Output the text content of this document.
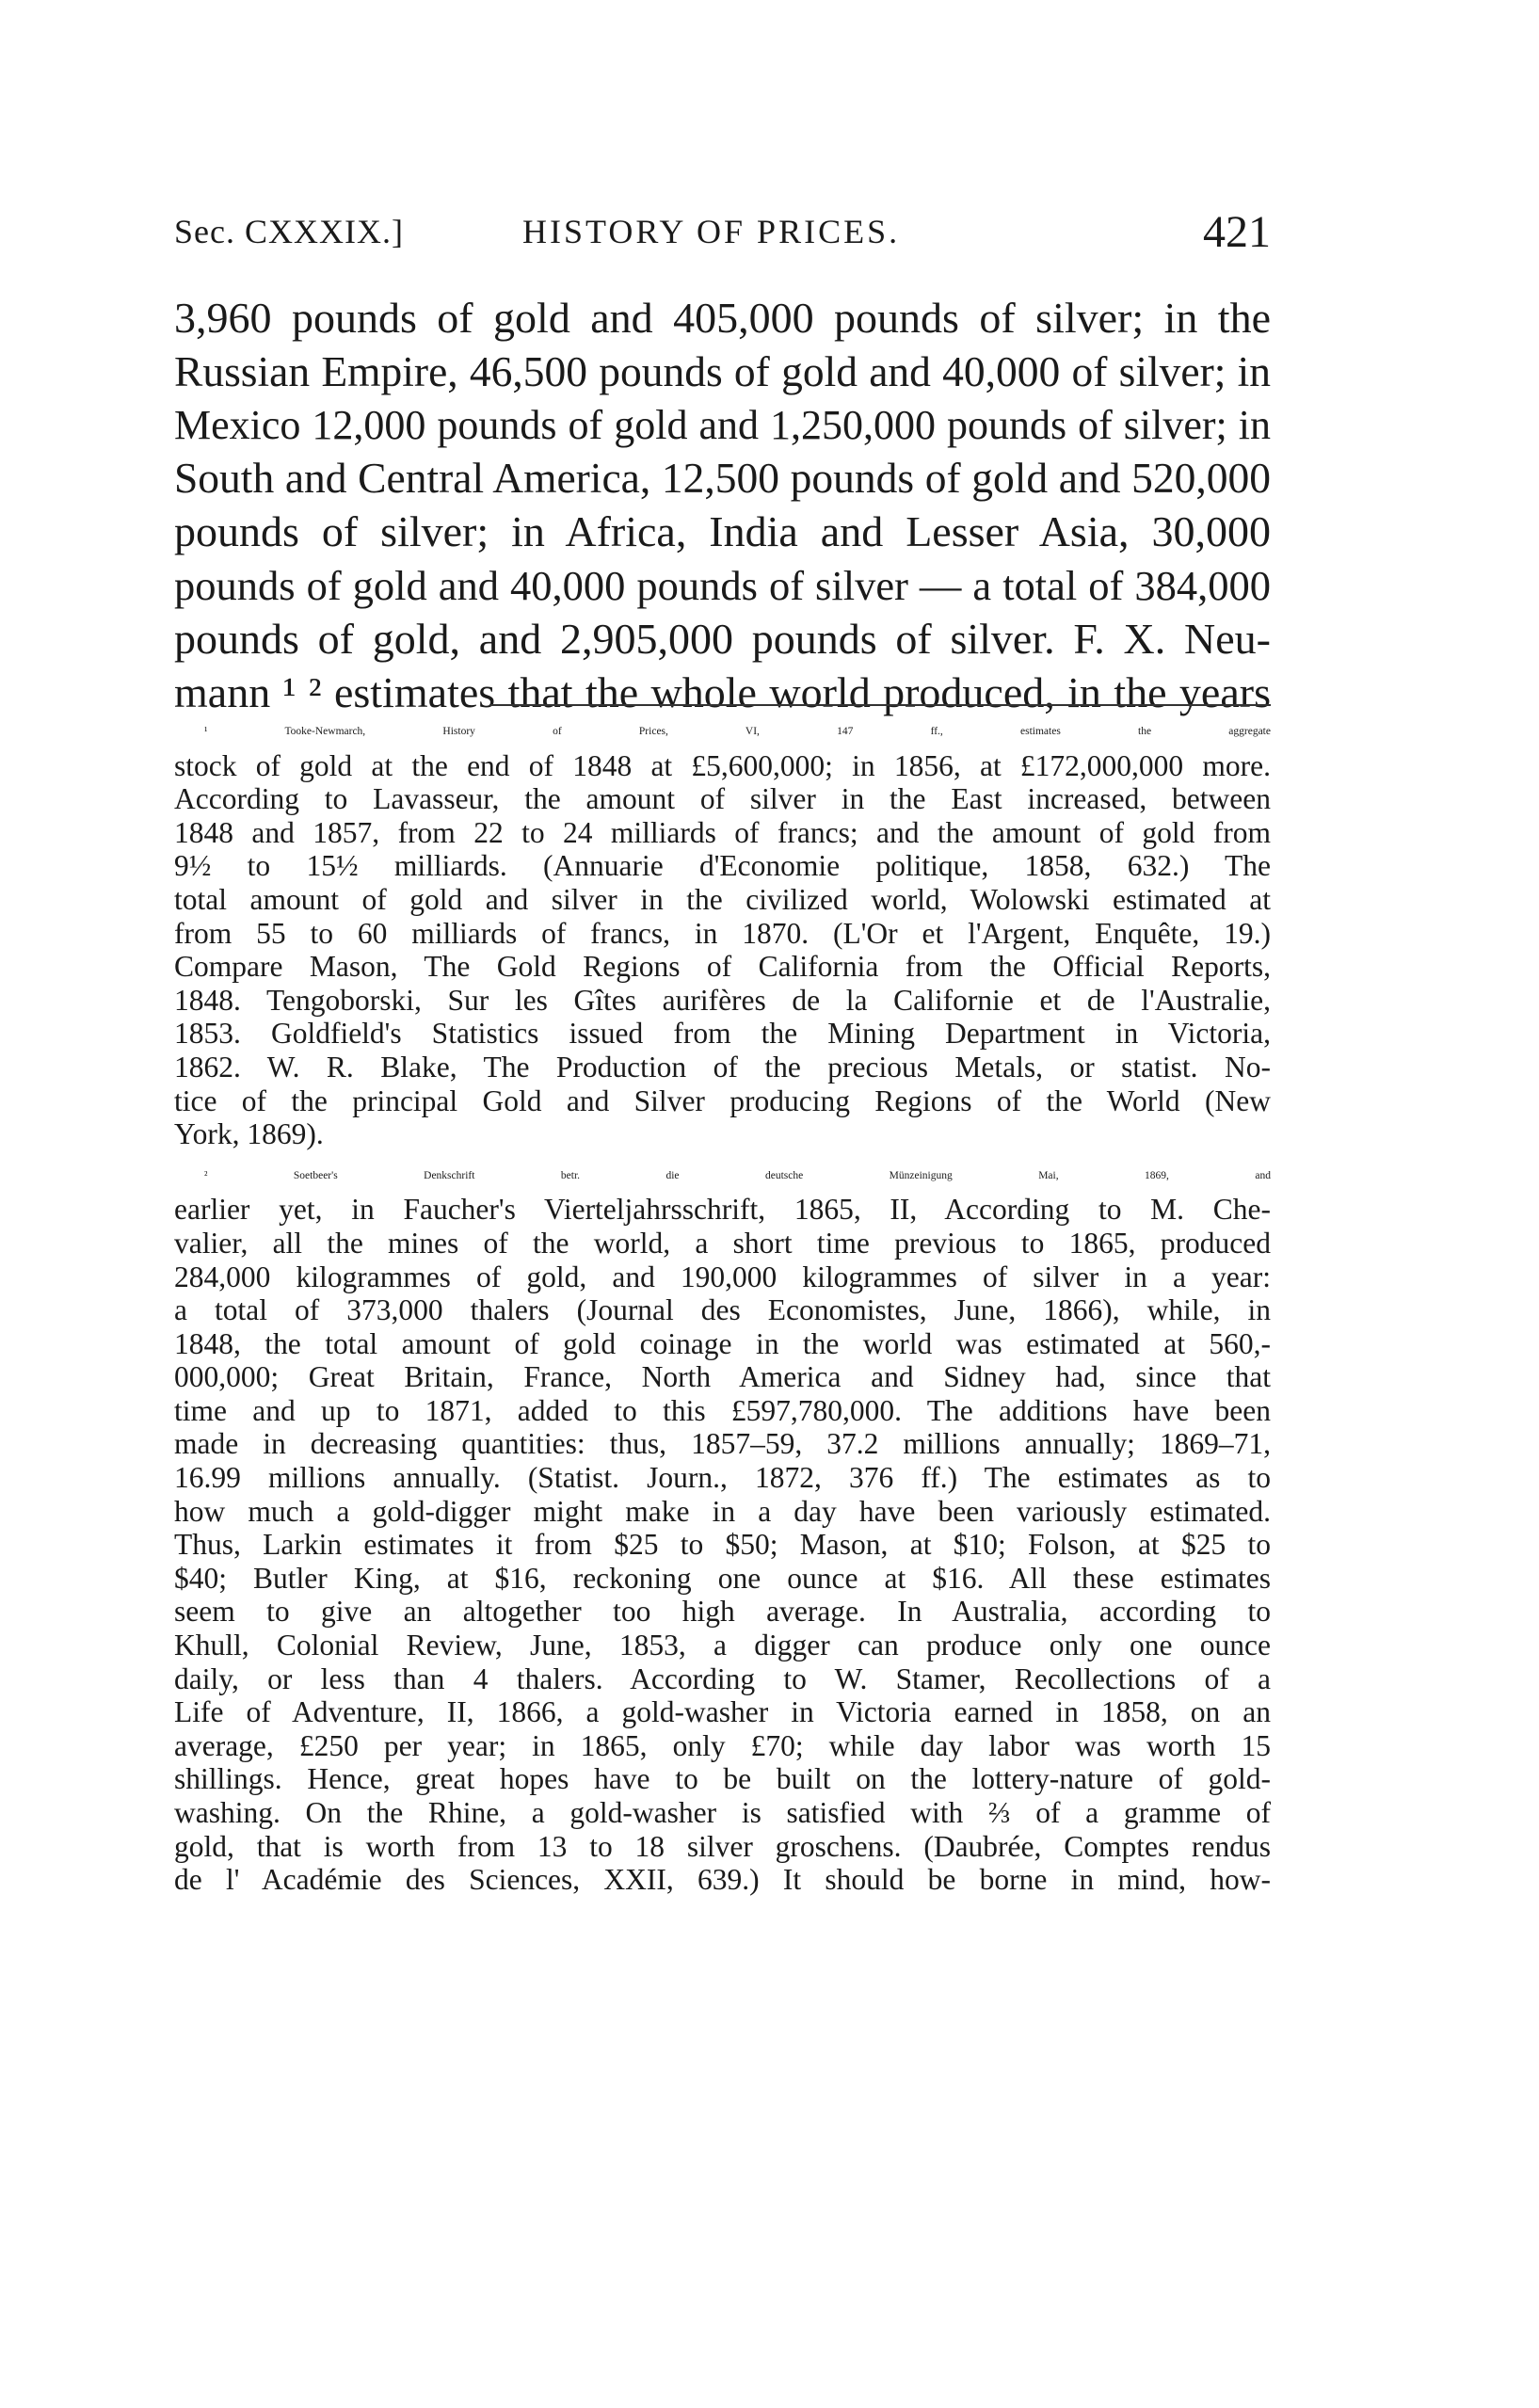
Sec. CXXXIX.]	HISTORY OF PRICES.	421
3,960 pounds of gold and 405,000 pounds of silver; in the
Russian Empire, 46,500 pounds of gold and 40,000 of silver; in
Mexico 12,000 pounds of gold and 1,250,000 pounds of silver; in
South and Central America, 12,500 pounds of gold and 520,000
pounds of silver; in Africa, India and Lesser Asia, 30,000
pounds of gold and 40,000 pounds of silver — a total of 384,000
pounds of gold, and 2,905,000 pounds of silver. F. X. Neu-
mann ¹ ² estimates that the whole world produced, in the years
¹ Tooke-Newmarch, History of Prices, VI, 147 ff., estimates the aggregate
stock of gold at the end of 1848 at £5,600,000; in 1856, at £172,000,000 more.
According to Lavasseur, the amount of silver in the East increased, between
1848 and 1857, from 22 to 24 milliards of francs; and the amount of gold from
9½ to 15½ milliards. (Annuarie d'Economie politique, 1858, 632.) The
total amount of gold and silver in the civilized world, Wolowski estimated at
from 55 to 60 milliards of francs, in 1870. (L'Or et l'Argent, Enquête, 19.)
Compare Mason, The Gold Regions of California from the Official Reports,
1848. Tengoborski, Sur les Gîtes aurifères de la Californie et de l'Australie,
1853. Goldfield's Statistics issued from the Mining Department in Victoria,
1862. W. R. Blake, The Production of the precious Metals, or statist. No-
tice of the principal Gold and Silver producing Regions of the World (New
York, 1869).
² Soetbeer's Denkschrift betr. die deutsche Münzeinigung Mai, 1869, and
earlier yet, in Faucher's Vierteljahrsschrift, 1865, II, According to M. Che-
valier, all the mines of the world, a short time previous to 1865, produced
284,000 kilogrammes of gold, and 190,000 kilogrammes of silver in a year:
a total of 373,000 thalers (Journal des Economistes, June, 1866), while, in
1848, the total amount of gold coinage in the world was estimated at 560,-
000,000; Great Britain, France, North America and Sidney had, since that
time and up to 1871, added to this £597,780,000. The additions have been
made in decreasing quantities: thus, 1857–59, 37.2 millions annually; 1869–71,
16.99 millions annually. (Statist. Journ., 1872, 376 ff.) The estimates as to
how much a gold-digger might make in a day have been variously estimated.
Thus, Larkin estimates it from $25 to $50; Mason, at $10; Folson, at $25 to
$40; Butler King, at $16, reckoning one ounce at $16. All these estimates
seem to give an altogether too high average. In Australia, according to
Khull, Colonial Review, June, 1853, a digger can produce only one ounce
daily, or less than 4 thalers. According to W. Stamer, Recollections of a
Life of Adventure, II, 1866, a gold-washer in Victoria earned in 1858, on an
average, £250 per year; in 1865, only £70; while day labor was worth 15
shillings. Hence, great hopes have to be built on the lottery-nature of gold-
washing. On the Rhine, a gold-washer is satisfied with ⅔ of a gramme of
gold, that is worth from 13 to 18 silver groschens. (Daubrée, Comptes rendus
de l' Académie des Sciences, XXII, 639.) It should be borne in mind, how-
